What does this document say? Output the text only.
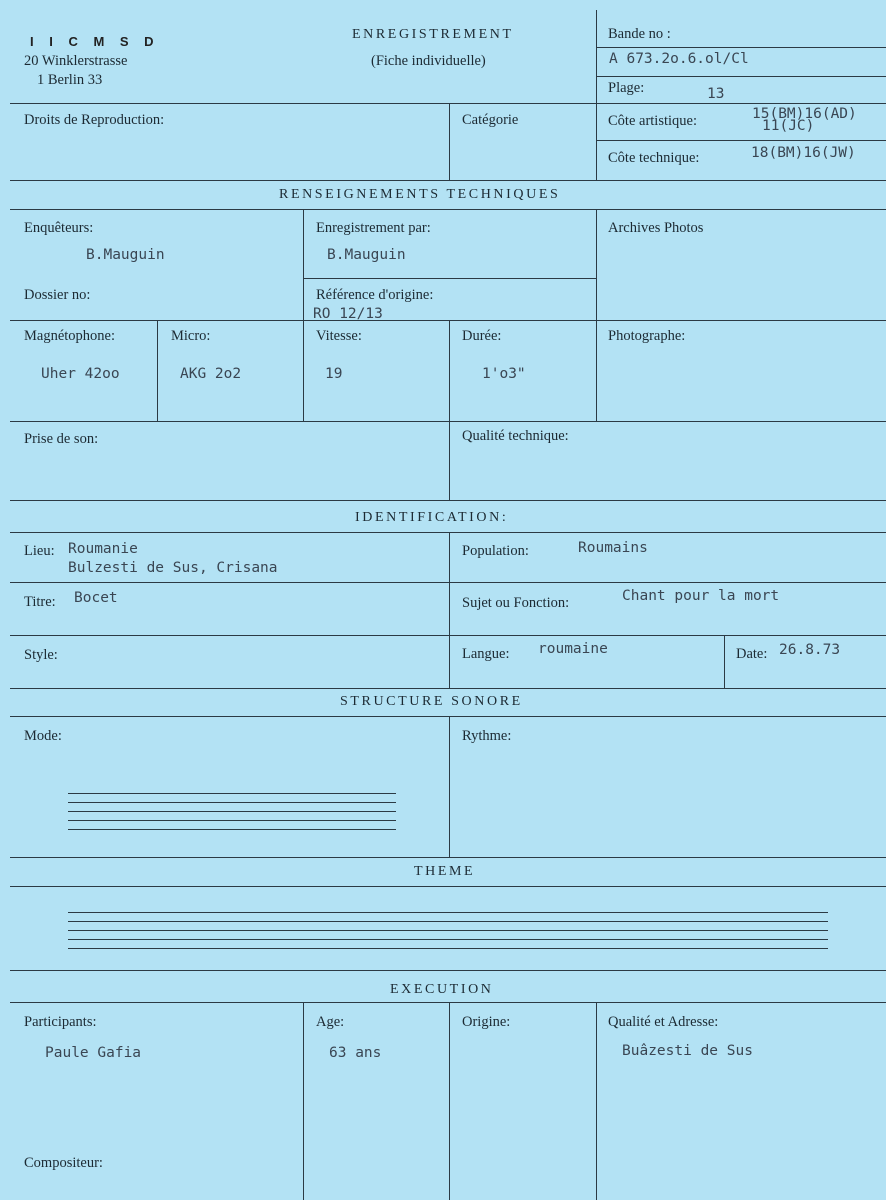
I I C M S D
20 Winklerstrasse
1 Berlin 33
ENREGISTREMENT
(Fiche individuelle)
Bande no :
A 673.2o.6.ol/Cl
Plage:	13
Droits de Reproduction:	Catégorie	Côte artistique:	15(BM)16(AD)
11(JC)
Côte technique:	18(BM)16(JW)
RENSEIGNEMENTS TECHNIQUES
Enquêteurs:
B.Mauguin
Enregistrement par:
B.Mauguin
Archives Photos
Dossier no:	Référence d'origine:
RO 12/13
Magnétophone:
Uher 42oo
Micro:
AKG 2o2
Vitesse:
19
Durée:
1'o3"
Photographe:
Prise de son:	Qualité technique:
IDENTIFICATION:
Lieu: Roumanie
Bulzesti de Sus, Crisana
Population:	Roumains
Titre: Bocet	Sujet ou Fonction:	Chant pour la mort
Style:	Langue: roumaine	Date: 26.8.73
STRUCTURE SONORE
Mode:	Rythme:
THEME
EXECUTION
Participants:
Paule Gafia
Age:
63 ans
Origine:	Qualité et Adresse:
Buâzesti de Sus
Compositeur:
